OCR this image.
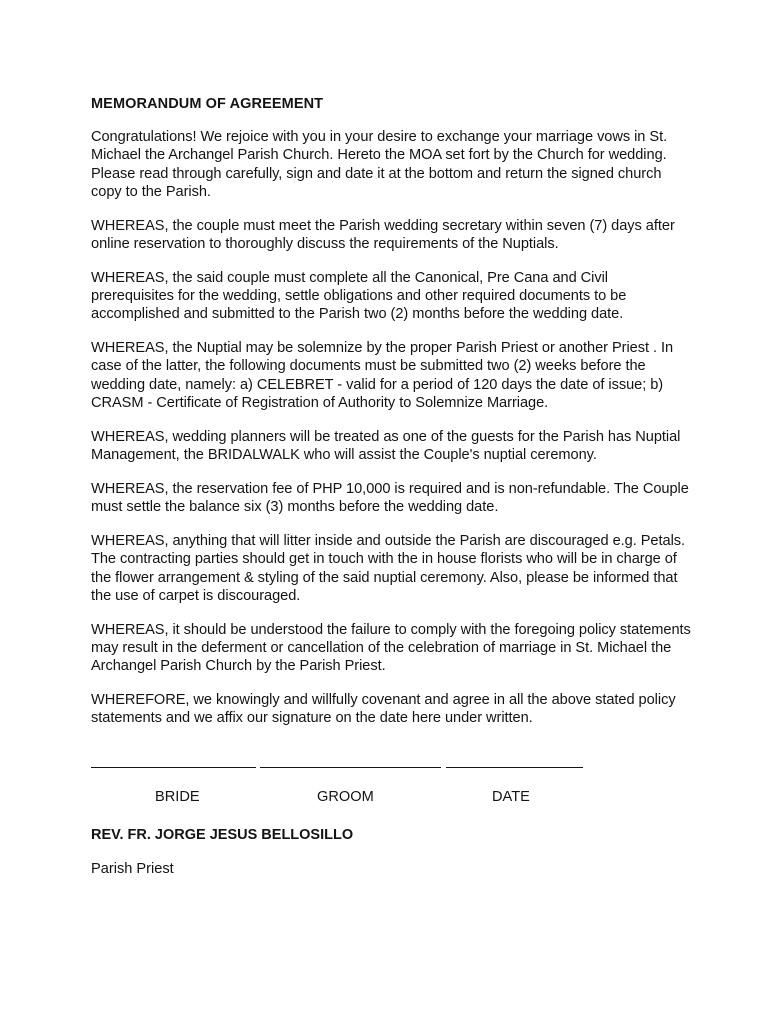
MEMORANDUM OF AGREEMENT

Congratulations! We rejoice with you in your desire to exchange your marriage vows in St. Michael the Archangel Parish Church. Hereto the MOA set fort by the Church for wedding. Please read through carefully, sign and date it at the bottom and return the signed church copy to the Parish.

WHEREAS, the couple must meet the Parish wedding secretary within seven (7) days after online reservation to thoroughly discuss the requirements of the Nuptials.

WHEREAS, the said couple must complete all the Canonical, Pre Cana and Civil prerequisites for the wedding, settle obligations and other required documents to be accomplished and submitted to the Parish two (2) months before the wedding date.

WHEREAS, the Nuptial may be solemnize by the proper Parish Priest or another Priest . In case of the latter, the following documents must be submitted two (2) weeks before the wedding date, namely: a) CELEBRET - valid for a period of 120 days the date of issue; b) CRASM - Certificate of Registration of Authority to Solemnize Marriage.

WHEREAS, wedding planners will be treated as one of the guests for the Parish has Nuptial Management, the BRIDALWALK who will assist the Couple's nuptial ceremony.

WHEREAS, the reservation fee of PHP 10,000 is required and is non-refundable. The Couple must settle the balance six (3) months before the wedding date.

WHEREAS, anything that will litter inside and outside the Parish are discouraged e.g. Petals. The contracting parties should get in touch with the in house florists who will be in charge of the flower arrangement & styling of the said nuptial ceremony. Also, please be informed that the use of carpet is discouraged.

WHEREAS, it should be understood the failure to comply with the foregoing policy statements may result in the deferment or cancellation of the celebration of marriage in St. Michael the Archangel Parish Church by the Parish Priest.

WHEREFORE, we knowingly and willfully covenant and agree in all the above stated policy statements and we affix our signature on the date here under written.

BRIDE	GROOM	DATE
REV. FR. JORGE JESUS BELLOSILLO
Parish Priest
